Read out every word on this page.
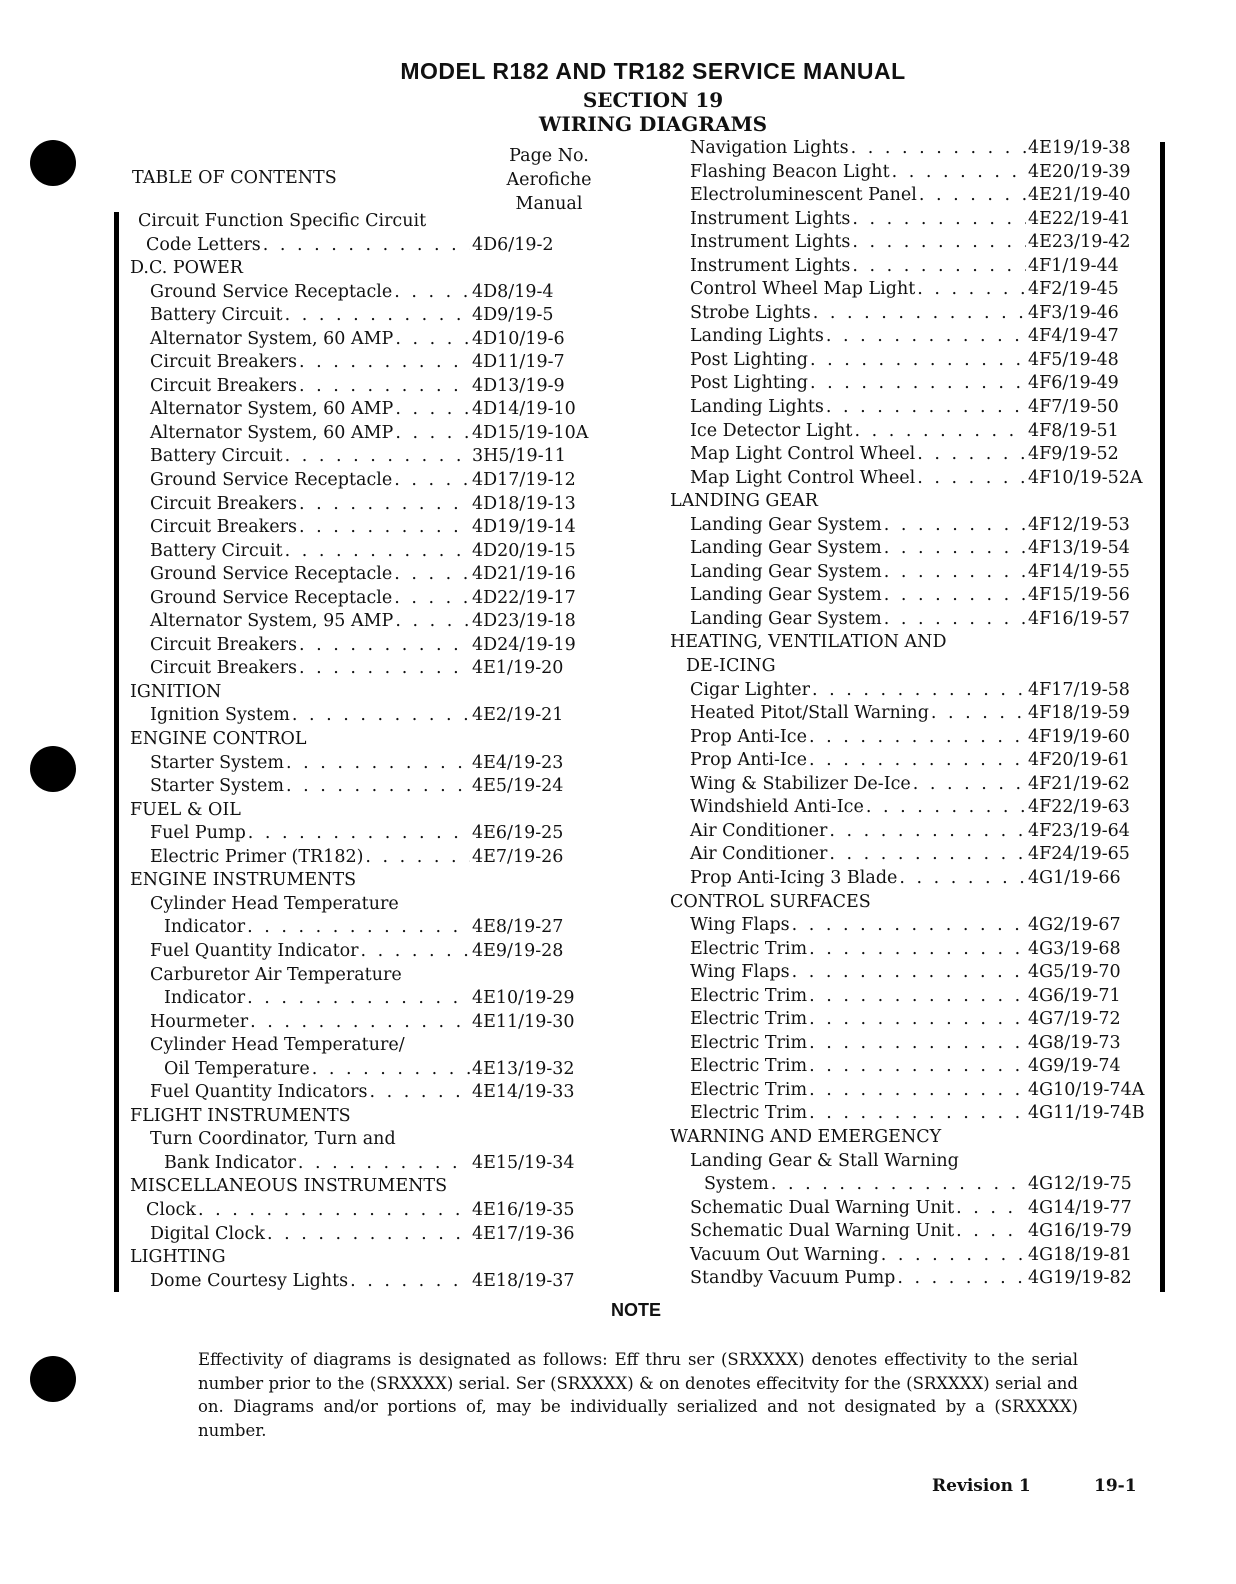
MODEL R182 AND TR182 SERVICE MANUAL
SECTION 19
WIRING DIAGRAMS
TABLE OF CONTENTS
Page No.
Aerofiche
Manual
Circuit Function Specific Circuit
Code Letters . . .	4D6/19-2
D.C. POWER
Ground Service Receptacle . . .	4D8/19-4
Battery Circuit . . .	4D9/19-5
Alternator System, 60 AMP . . .	4D10/19-6
Circuit Breakers . . .	4D11/19-7
Circuit Breakers . . .	4D13/19-9
Alternator System, 60 AMP . . .	4D14/19-10
Alternator System, 60 AMP . . .	4D15/19-10A
Battery Circuit . . .	3H5/19-11
Ground Service Receptacle . . .	4D17/19-12
Circuit Breakers . . .	4D18/19-13
Circuit Breakers . . .	4D19/19-14
Battery Circuit . . .	4D20/19-15
Ground Service Receptacle . . .	4D21/19-16
Ground Service Receptacle . . .	4D22/19-17
Alternator System, 95 AMP . . .	4D23/19-18
Circuit Breakers . . .	4D24/19-19
Circuit Breakers . . .	4E1/19-20
IGNITION
Ignition System . . .	4E2/19-21
ENGINE CONTROL
Starter System . . .	4E4/19-23
Starter System . . .	4E5/19-24
FUEL & OIL
Fuel Pump . . .	4E6/19-25
Electric Primer (TR182) . . .	4E7/19-26
ENGINE INSTRUMENTS
Cylinder Head Temperature
Indicator . . .	4E8/19-27
Fuel Quantity Indicator . . .	4E9/19-28
Carburetor Air Temperature
Indicator . . .	4E10/19-29
Hourmeter . . .	4E11/19-30
Cylinder Head Temperature/
Oil Temperature . . .	4E13/19-32
Fuel Quantity Indicators . . .	4E14/19-33
FLIGHT INSTRUMENTS
Turn Coordinator, Turn and
Bank Indicator . . .	4E15/19-34
MISCELLANEOUS INSTRUMENTS
Clock . . .	4E16/19-35
Digital Clock . . .	4E17/19-36
LIGHTING
Dome Courtesy Lights . . .	4E18/19-37
Navigation Lights . . .	4E19/19-38
Flashing Beacon Light . . .	4E20/19-39
Electroluminescent Panel . . .	4E21/19-40
Instrument Lights . . .	4E22/19-41
Instrument Lights . . .	4E23/19-42
Instrument Lights . . .	4F1/19-44
Control Wheel Map Light . . .	4F2/19-45
Strobe Lights . . .	4F3/19-46
Landing Lights . . .	4F4/19-47
Post Lighting . . .	4F5/19-48
Post Lighting . . .	4F6/19-49
Landing Lights . . .	4F7/19-50
Ice Detector Light . . .	4F8/19-51
Map Light Control Wheel . . .	4F9/19-52
Map Light Control Wheel . . .	4F10/19-52A
LANDING GEAR
Landing Gear System . . .	4F12/19-53
Landing Gear System . . .	4F13/19-54
Landing Gear System . . .	4F14/19-55
Landing Gear System . . .	4F15/19-56
Landing Gear System . . .	4F16/19-57
HEATING, VENTILATION AND
DE-ICING
Cigar Lighter . . .	4F17/19-58
Heated Pitot/Stall Warning . . .	4F18/19-59
Prop Anti-Ice . . .	4F19/19-60
Prop Anti-Ice . . .	4F20/19-61
Wing & Stabilizer De-Ice . . .	4F21/19-62
Windshield Anti-Ice . . .	4F22/19-63
Air Conditioner . . .	4F23/19-64
Air Conditioner . . .	4F24/19-65
Prop Anti-Icing 3 Blade . . .	4G1/19-66
CONTROL SURFACES
Wing Flaps . . .	4G2/19-67
Electric Trim . . .	4G3/19-68
Wing Flaps . . .	4G5/19-70
Electric Trim . . .	4G6/19-71
Electric Trim . . .	4G7/19-72
Electric Trim . . .	4G8/19-73
Electric Trim . . .	4G9/19-74
Electric Trim . . .	4G10/19-74A
Electric Trim . . .	4G11/19-74B
WARNING AND EMERGENCY
Landing Gear & Stall Warning
System . . .	4G12/19-75
Schematic Dual Warning Unit . . .	4G14/19-77
Schematic Dual Warning Unit . . .	4G16/19-79
Vacuum Out Warning . . .	4G18/19-81
Standby Vacuum Pump . . .	4G19/19-82
NOTE
Effectivity of diagrams is designated as follows: Eff thru ser (SRXXXX) denotes effectivity to the serial number prior to the (SRXXXX) serial. Ser (SRXXXX) & on denotes effecitvity for the (SRXXXX) serial and on. Diagrams and/or portions of, may be individually serialized and not designated by a (SRXXXX) number.
Revision 1	19-1
